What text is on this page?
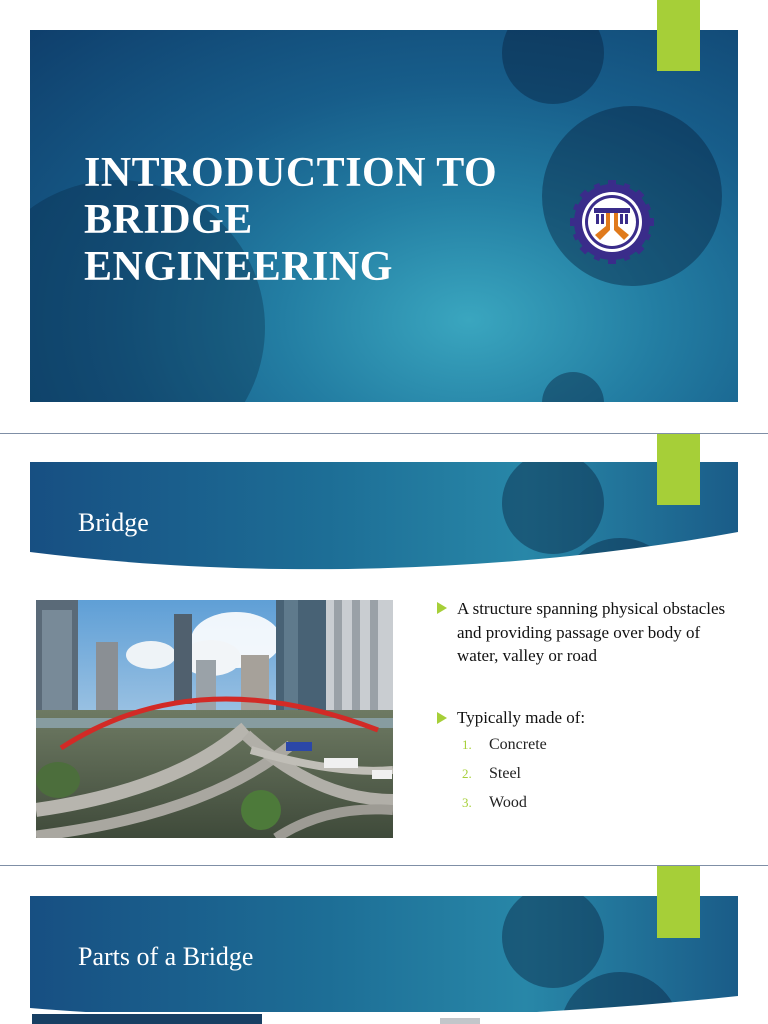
INTRODUCTION TO
BRIDGE
ENGINEERING
Bridge
A structure spanning physical obstacles and providing passage over body of water, valley or road
Typically made of:
1.	Concrete
2.	Steel
3.	Wood
Parts of a Bridge
